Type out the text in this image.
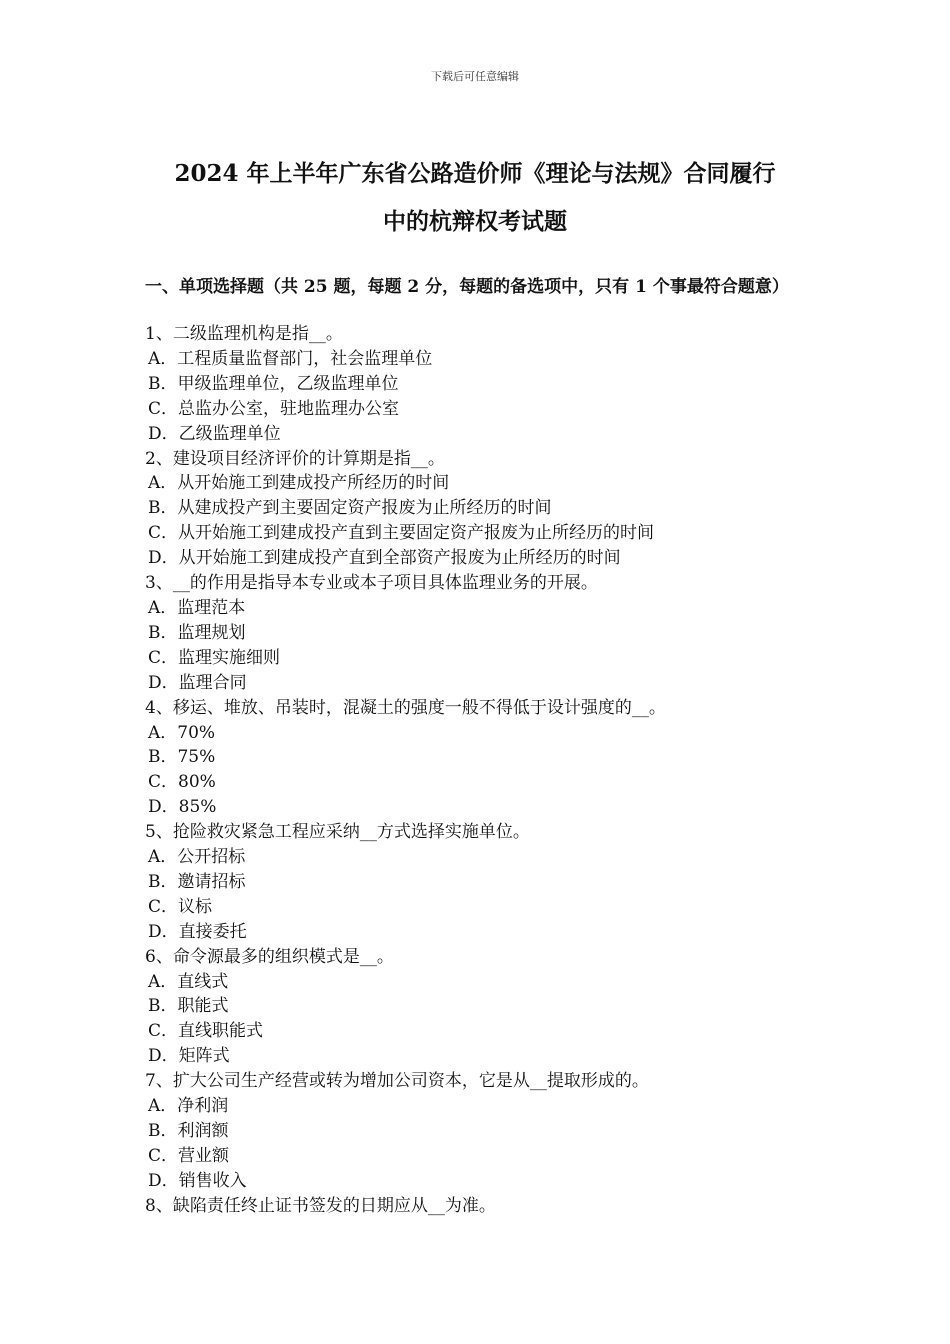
下载后可任意编辑
2024 年上半年广东省公路造价师《理论与法规》合同履行
中的杭辩权考试题
一、单项选择题（共 25 题，每题 2 分，每题的备选项中，只有 1 个事最符合题意）
1、二级监理机构是指__。
A．工程质量监督部门，社会监理单位
B．甲级监理单位，乙级监理单位
C．总监办公室，驻地监理办公室
D．乙级监理单位
2、建设项目经济评价的计算期是指__。
A．从开始施工到建成投产所经历的时间
B．从建成投产到主要固定资产报废为止所经历的时间
C．从开始施工到建成投产直到主要固定资产报废为止所经历的时间
D．从开始施工到建成投产直到全部资产报废为止所经历的时间
3、__的作用是指导本专业或本子项目具体监理业务的开展。
A．监理范本
B．监理规划
C．监理实施细则
D．监理合同
4、移运、堆放、吊装时，混凝土的强度一般不得低于设计强度的__。
A．70%
B．75%
C．80%
D．85%
5、抢险救灾紧急工程应采纳__方式选择实施单位。
A．公开招标
B．邀请招标
C．议标
D．直接委托
6、命令源最多的组织模式是__。
A．直线式
B．职能式
C．直线职能式
D．矩阵式
7、扩大公司生产经营或转为增加公司资本，它是从__提取形成的。
A．净利润
B．利润额
C．营业额
D．销售收入
8、缺陷责任终止证书签发的日期应从__为准。
